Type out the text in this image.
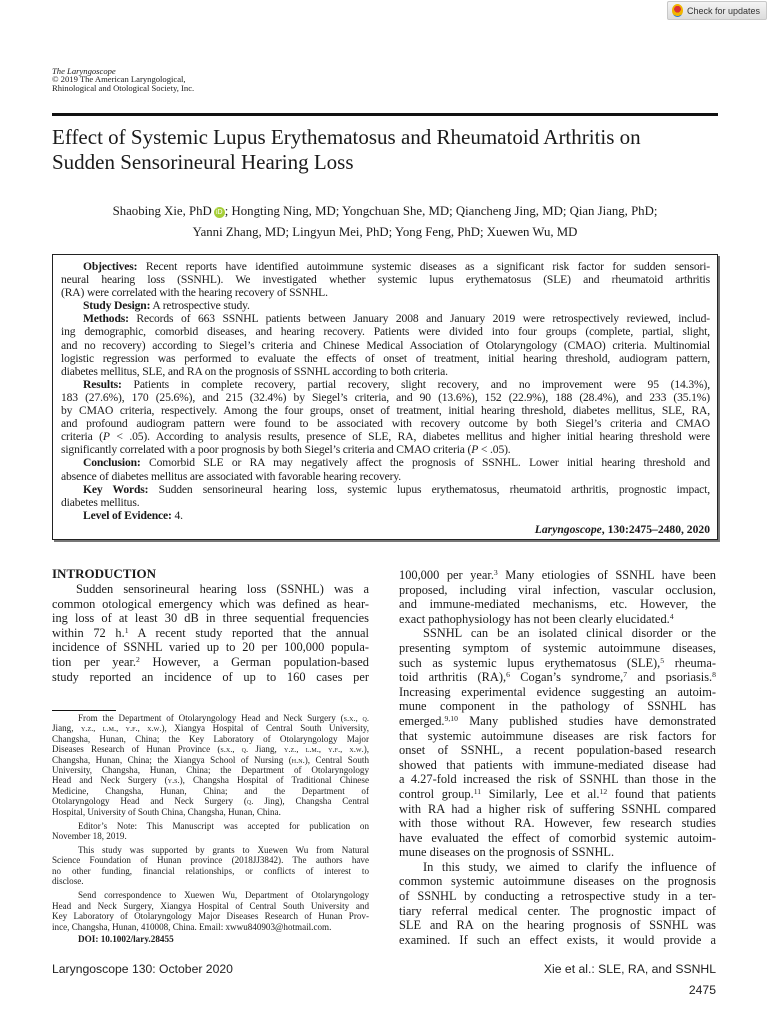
Check for updates
The Laryngoscope
© 2019 The American Laryngological,
Rhinological and Otological Society, Inc.
Effect of Systemic Lupus Erythematosus and Rheumatoid Arthritis on
Sudden Sensorineural Hearing Loss
Shaobing Xie, PhD iD ; Hongting Ning, MD; Yongchuan She, MD; Qiancheng Jing, MD; Qian Jiang, PhD;
Yanni Zhang, MD; Lingyun Mei, PhD; Yong Feng, PhD; Xuewen Wu, MD
Objectives: Recent reports have identified autoimmune systemic diseases as a significant risk factor for sudden sensori-
neural hearing loss (SSNHL). We investigated whether systemic lupus erythematosus (SLE) and rheumatoid arthritis
(RA) were correlated with the hearing recovery of SSNHL.
Study Design: A retrospective study.
Methods: Records of 663 SSNHL patients between January 2008 and January 2019 were retrospectively reviewed, includ-
ing demographic, comorbid diseases, and hearing recovery. Patients were divided into four groups (complete, partial, slight,
and no recovery) according to Siegel’s criteria and Chinese Medical Association of Otolaryngology (CMAO) criteria. Multinomial
logistic regression was performed to evaluate the effects of onset of treatment, initial hearing threshold, audiogram pattern,
diabetes mellitus, SLE, and RA on the prognosis of SSNHL according to both criteria.
Results: Patients in complete recovery, partial recovery, slight recovery, and no improvement were 95 (14.3%),
183 (27.6%), 170 (25.6%), and 215 (32.4%) by Siegel’s criteria, and 90 (13.6%), 152 (22.9%), 188 (28.4%), and 233 (35.1%)
by CMAO criteria, respectively. Among the four groups, onset of treatment, initial hearing threshold, diabetes mellitus, SLE, RA,
and profound audiogram pattern were found to be associated with recovery outcome by both Siegel’s criteria and CMAO
criteria (P < .05). According to analysis results, presence of SLE, RA, diabetes mellitus and higher initial hearing threshold were
significantly correlated with a poor prognosis by both Siegel’s criteria and CMAO criteria (P < .05).
Conclusion: Comorbid SLE or RA may negatively affect the prognosis of SSNHL. Lower initial hearing threshold and
absence of diabetes mellitus are associated with favorable hearing recovery.
Key Words: Sudden sensorineural hearing loss, systemic lupus erythematosus, rheumatoid arthritis, prognostic impact,
diabetes mellitus.
Level of Evidence: 4.
Laryngoscope, 130:2475–2480, 2020
INTRODUCTION
Sudden sensorineural hearing loss (SSNHL) was a
common otological emergency which was defined as hear-
ing loss of at least 30 dB in three sequential frequencies
within 72 h.$^1$ A recent study reported that the annual
incidence of SSNHL varied up to 20 per 100,000 popula-
tion per year.$^2$ However, a German population-based
study reported an incidence of up to 160 cases per
100,000 per year.$^3$ Many etiologies of SSNHL have been
proposed, including viral infection, vascular occlusion,
and immune-mediated mechanisms, etc. However, the
exact pathophysiology has not been clearly elucidated.$^4$
SSNHL can be an isolated clinical disorder or the
presenting symptom of systemic autoimmune diseases,
such as systemic lupus erythematosus (SLE),$^5$ rheuma-
toid arthritis (RA),$^6$ Cogan’s syndrome,$^7$ and psoriasis.$^8$
Increasing experimental evidence suggesting an autoim-
mune component in the pathology of SSNHL has
emerged.$^{9,10}$ Many published studies have demonstrated
that systemic autoimmune diseases are risk factors for
onset of SSNHL, a recent population-based research
showed that patients with immune-mediated disease had
a 4.27-fold increased the risk of SSNHL than those in the
control group.$^{11}$ Similarly, Lee et al.$^{12}$ found that patients
with RA had a higher risk of suffering SSNHL compared
with those without RA. However, few research studies
have evaluated the effect of comorbid systemic autoim-
mune diseases on the prognosis of SSNHL.
In this study, we aimed to clarify the influence of
common systemic autoimmune diseases on the prognosis
of SSNHL by conducting a retrospective study in a ter-
tiary referral medical center. The prognostic impact of
SLE and RA on the hearing prognosis of SSNHL was
examined. If such an effect exists, it would provide a
From the Department of Otolaryngology Head and Neck Surgery (s.x., q.
Jiang, y.z., l.m., y.f., x.w.), Xiangya Hospital of Central South University,
Changsha, Hunan, China; the Key Laboratory of Otolaryngology Major
Diseases Research of Hunan Province (s.x., q. Jiang, y.z., l.m., y.f., x.w.),
Changsha, Hunan, China; the Xiangya School of Nursing (h.n.), Central South
University, Changsha, Hunan, China; the Department of Otolaryngology
Head and Neck Surgery (y.s.), Changsha Hospital of Traditional Chinese
Medicine, Changsha, Hunan, China; and the Department of
Otolaryngology Head and Neck Surgery (q. Jing), Changsha Central
Hospital, University of South China, Changsha, Hunan, China.
Editor’s Note: This Manuscript was accepted for publication on
November 18, 2019.
This study was supported by grants to Xuewen Wu from Natural
Science Foundation of Hunan province (2018JJ3842). The authors have
no other funding, financial relationships, or conflicts of interest to
disclose.
Send correspondence to Xuewen Wu, Department of Otolaryngology
Head and Neck Surgery, Xiangya Hospital of Central South University and
Key Laboratory of Otolaryngology Major Diseases Research of Hunan Prov-
ince, Changsha, Hunan, 410008, China. Email: xwwu840903@hotmail.com.
DOI: 10.1002/lary.28455
Laryngoscope 130: October 2020	Xie et al.: SLE, RA, and SSNHL
2475
